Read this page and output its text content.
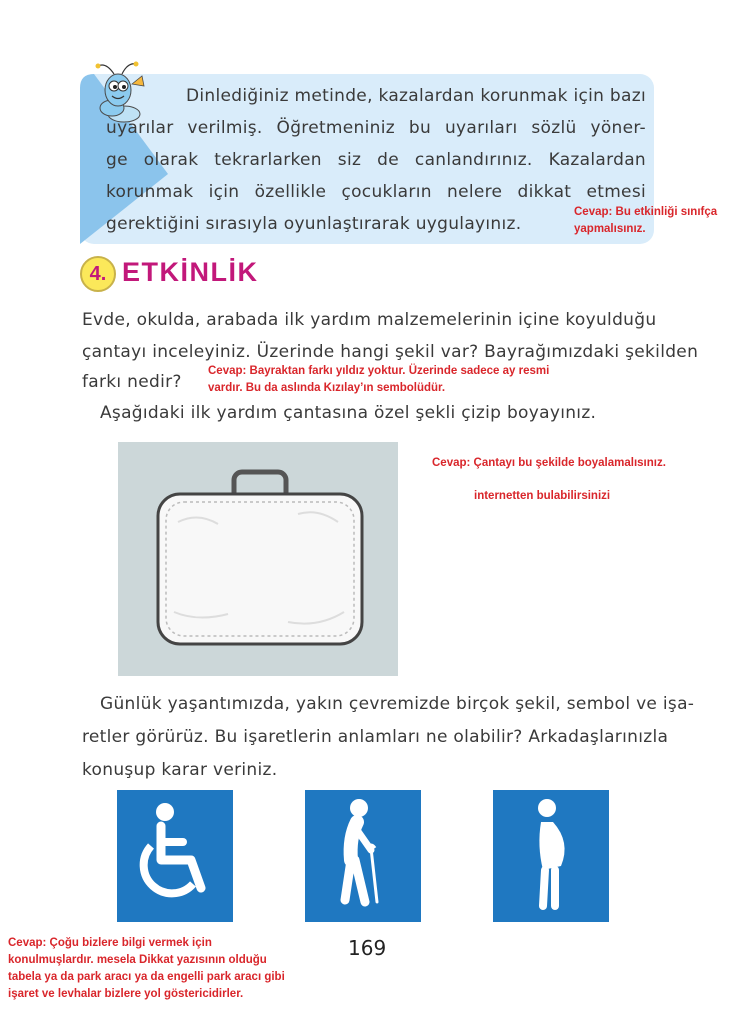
Dinlediğiniz metinde, kazalardan korunmak için bazı
uyarılar verilmiş. Öğretmeniniz bu uyarıları sözlü yöner-
ge olarak tekrarlarken siz de canlandırınız. Kazalardan
korunmak için özellikle çocukların nelere dikkat etmesi
gerektiğini sırasıyla oyunlaştırarak uygulayınız.
Cevap: Bu etkinliği sınıfça
yapmalısınız.
4. ETKİNLİK
Evde, okulda, arabada ilk yardım malzemelerinin içine koyulduğu
çantayı inceleyiniz. Üzerinde hangi şekil var? Bayrağımızdaki şekilden
farkı nedir?
Cevap: Bayraktan farkı yıldız yoktur. Üzerinde sadece ay resmi
vardır. Bu da aslında Kızılay’ın sembolüdür.
Aşağıdaki ilk yardım çantasına özel şekli çizip boyayınız.
Cevap: Çantayı bu şekilde boyalamalısınız.
internetten bulabilirsinizi
Günlük yaşantımızda, yakın çevremizde birçok şekil, sembol ve işa-
retler görürüz. Bu işaretlerin anlamları ne olabilir? Arkadaşlarınızla
konuşup karar veriniz.
Cevap: Çoğu bizlere bilgi vermek için
konulmuşlardır. mesela Dikkat yazısının olduğu
tabela ya da park aracı ya da engelli park aracı gibi
işaret ve levhalar bizlere yol göstericidirler.
169
